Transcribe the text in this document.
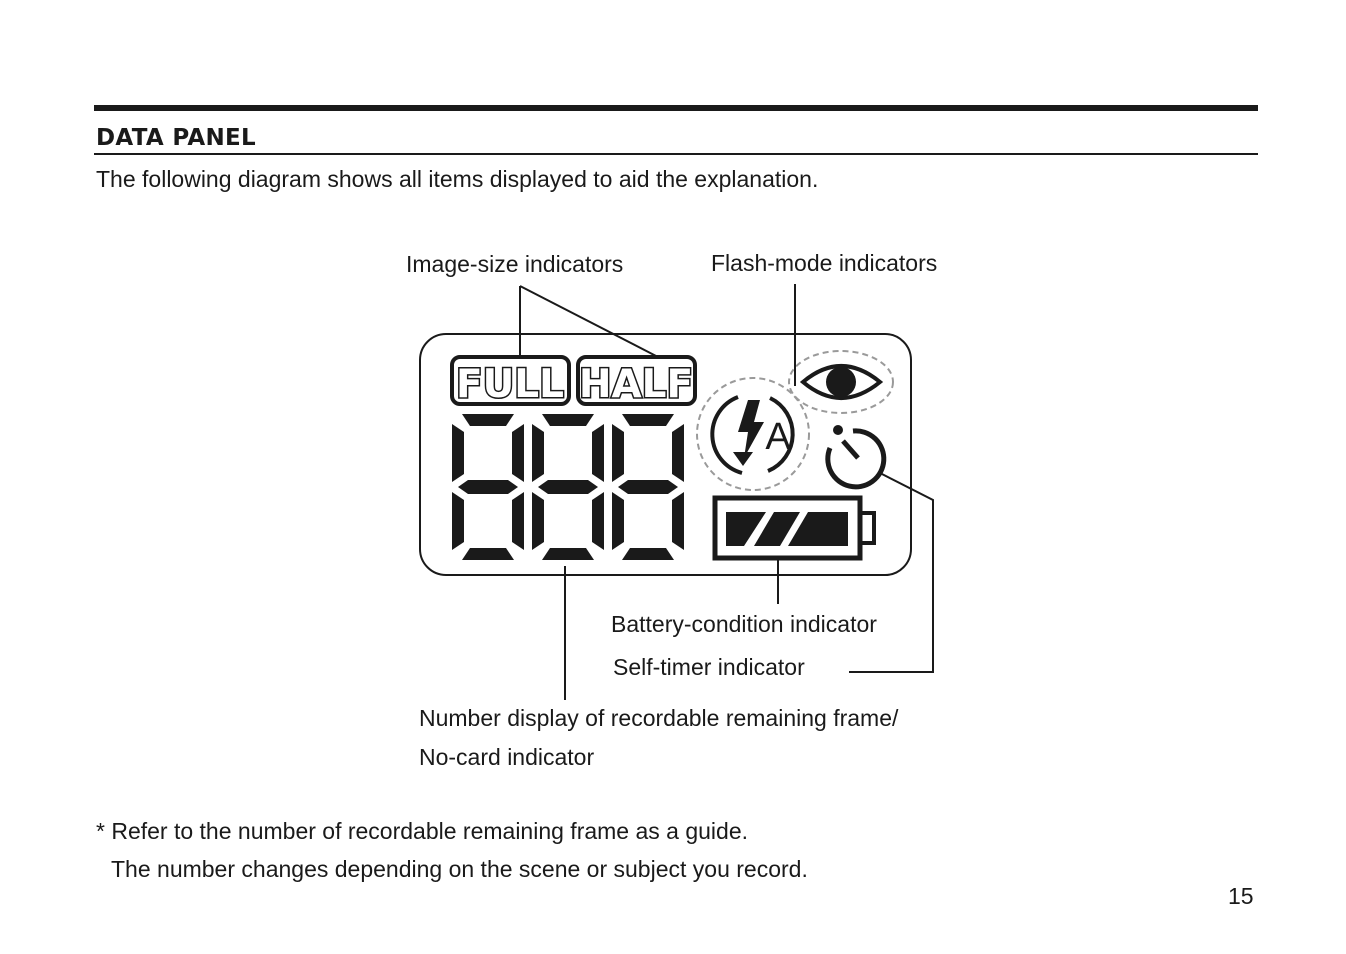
DATA PANEL

The following diagram shows all items displayed to aid the explanation.

FULL HALF
A
Image-size indicators	Flash-mode indicators
Battery-condition indicator
Self-timer indicator
Number display of recordable remaining frame/
No-card indicator

* Refer to the number of recordable remaining frame as a guide.

The number changes depending on the scene or subject you record.

15
